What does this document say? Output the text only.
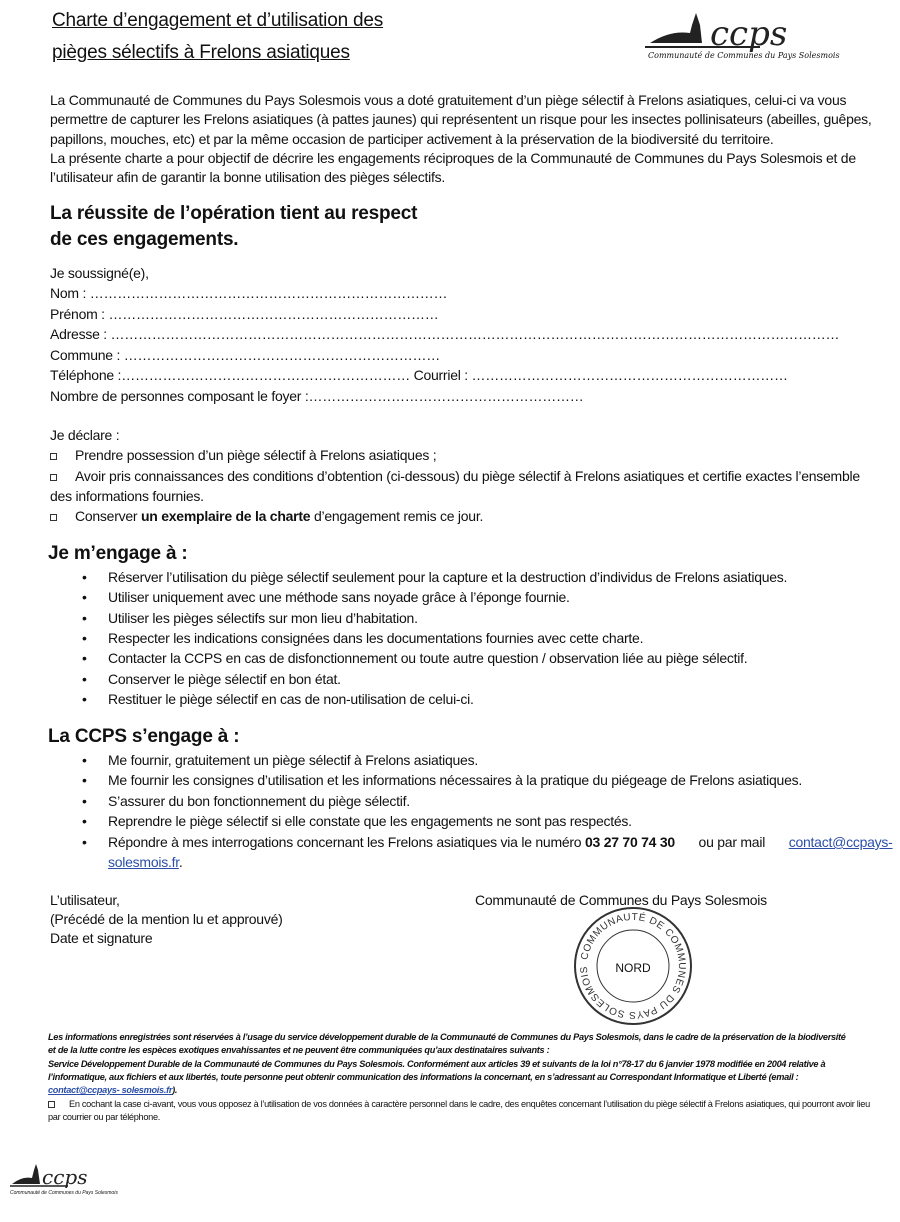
Charte d’engagement et d’utilisation des
pièges sélectifs à Frelons asiatiques	ccps
Communauté de Communes du Pays Solesmois
La Communauté de Communes du Pays Solesmois vous a doté gratuitement d’un piège sélectif à Frelons asiatiques, celui-ci va vous
permettre de capturer les Frelons asiatiques (à pattes jaunes) qui représentent un risque pour les insectes pollinisateurs (abeilles, guêpes,
papillons, mouches, etc) et par la même occasion de participer activement à la préservation de la biodiversité du territoire.
La présente charte a pour objectif de décrire les engagements réciproques de la Communauté de Communes du Pays Solesmois et de
l’utilisateur afin de garantir la bonne utilisation des pièges sélectifs.
La réussite de l’opération tient au respect
de ces engagements.
Je soussigné(e),
Nom : ……………………………………………………………………
Prénom : ………………………………………………………………
Adresse : ……………………………………………………………………………………………………………………………………………
Commune : ……………………………………………………………
Téléphone :……………………………………………………… Courriel : ……………………………………………………………
Nombre de personnes composant le foyer :……………………………………………………
Je déclare :
Prendre possession d’un piège sélectif à Frelons asiatiques ;
Avoir pris connaissances des conditions d’obtention (ci-dessous) du piège sélectif à Frelons asiatiques et certifie exactes l’ensemble
des informations fournies.
Conserver un exemplaire de la charte d’engagement remis ce jour.
Je m’engage à :
• Réserver l’utilisation du piège sélectif seulement pour la capture et la destruction d’individus de Frelons asiatiques.
• Utiliser uniquement avec une méthode sans noyade grâce à l’éponge fournie.
• Utiliser les pièges sélectifs sur mon lieu d’habitation.
• Respecter les indications consignées dans les documentations fournies avec cette charte.
• Contacter la CCPS en cas de disfonctionnement ou toute autre question / observation liée au piège sélectif.
• Conserver le piège sélectif en bon état.
• Restituer le piège sélectif en cas de non-utilisation de celui-ci.
La CCPS s’engage à :
• Me fournir, gratuitement un piège sélectif à Frelons asiatiques.
• Me fournir les consignes d’utilisation et les informations nécessaires à la pratique du piégeage de Frelons asiatiques.
• S’assurer du bon fonctionnement du piège sélectif.
• Reprendre le piège sélectif si elle constate que les engagements ne sont pas respectés.
• Répondre à mes interrogations concernant les Frelons asiatiques via le numéro 03 27 70 74 30 ou par mail contact@ccpays-
solesmois.fr.
L’utilisateur,
(Précédé de la mention lu et approuvé)
Date et signature
Communauté de Communes du Pays Solesmois
COMMUNAUTÉ DE COMMUNES DU PAYS SOLESMOIS	NORD
Les informations enregistrées sont réservées à l’usage du service développement durable de la Communauté de Communes du Pays Solesmois, dans le cadre de la préservation de la biodiversité
et de la lutte contre les espèces exotiques envahissantes et ne peuvent être communiquées qu’aux destinataires suivants :
Service Développement Durable de la Communauté de Communes du Pays Solesmois. Conformément aux articles 39 et suivants de la loi n°78-17 du 6 janvier 1978 modifiée en 2004 relative à
l’informatique, aux fichiers et aux libertés, toute personne peut obtenir communication des informations la concernant, en s’adressant au Correspondant Informatique et Liberté (email :
contact@ccpays- solesmois.fr).
En cochant la case ci-avant, vous vous opposez à l’utilisation de vos données à caractère personnel dans le cadre, des enquêtes concernant l’utilisation du piège sélectif à Frelons asiatiques, qui pourront avoir lieu
par courrier ou par téléphone.
ccps
Communauté de Communes du Pays Solesmois
